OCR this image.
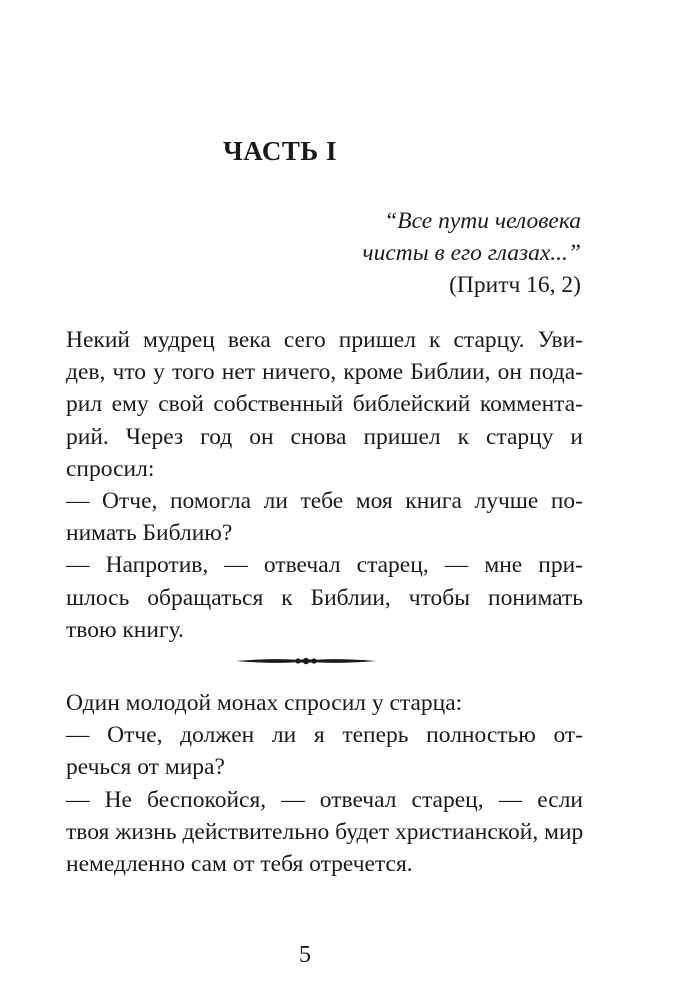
ЧАСТЬ I
“Все пути человека
чисты в его глазах...”
(Притч 16, 2)
Некий мудрец века сего пришел к старцу. Уви-
дев, что у того нет ничего, кроме Библии, он пода-
рил ему свой собственный библейский коммента-
рий. Через год он снова пришел к старцу и
спросил:
— Отче, помогла ли тебе моя книга лучше по-
нимать Библию?
— Напротив, — отвечал старец, — мне при-
шлось обращаться к Библии, чтобы понимать
твою книгу.
Один молодой монах спросил у старца:
— Отче, должен ли я теперь полностью от-
речься от мира?
— Не беспокойся, — отвечал старец, — если
твоя жизнь действительно будет христианской, мир
немедленно сам от тебя отречется.
5
